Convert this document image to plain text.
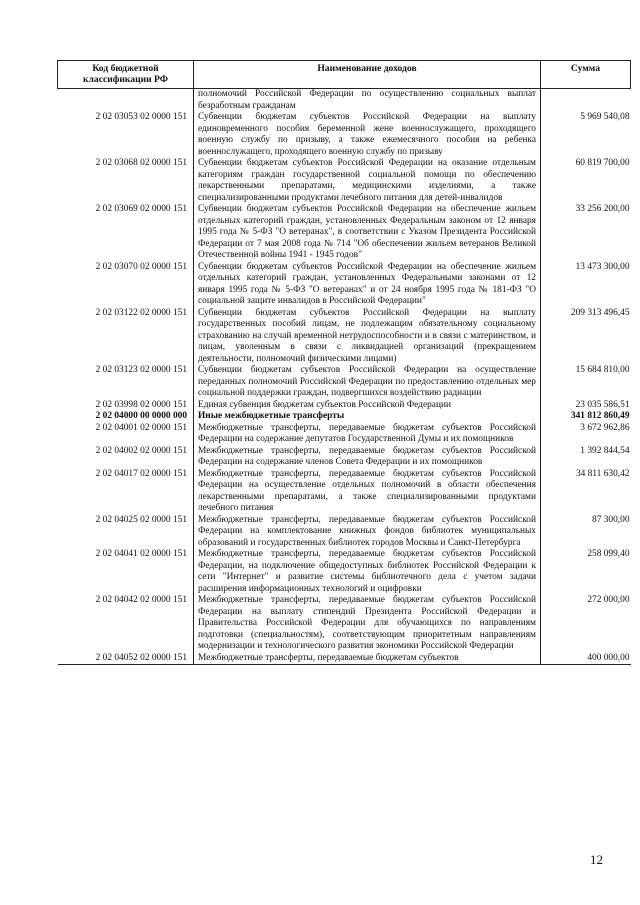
Код бюджетной классификации РФ	Наименование доходов	Сумма
	полномочий Российской Федерации по осуществлению социальных выплат безработным гражданам	
2 02 03053 02 0000 151	Субвенции бюджетам субъектов Российской Федерации на выплату единовременного пособия беременной жене военнослужащего, проходящего военную службу по призыву, а также ежемесячного пособия на ребенка военнослужащего, проходящего военную службу по призыву	5 969 540,08
2 02 03068 02 0000 151	Субвенции бюджетам субъектов Российской Федерации на оказание отдельным категориям граждан государственной социальной помощи по обеспечению лекарственными препаратами, медицинскими изделиями, а также специализированными продуктами лечебного питания для детей-инвалидов	60 819 700,00
2 02 03069 02 0000 151	Субвенции бюджетам субъектов Российской Федерации на обеспечение жильем отдельных категорий граждан, установленных Федеральным законом от 12 января 1995 года № 5-ФЗ "О ветеранах", в соответствии с Указом Президента Российской Федерации от 7 мая 2008 года № 714 "Об обеспечении жильем ветеранов Великой Отечественной войны 1941 - 1945 годов"	33 256 200,00
2 02 03070 02 0000 151	Субвенции бюджетам субъектов Российской Федерации на обеспечение жильем отдельных категорий граждан, установленных Федеральными законами от 12 января 1995 года № 5-ФЗ "О ветеранах" и от 24 ноября 1995 года № 181-ФЗ "О социальной защите инвалидов в Российской Федерации"	13 473 300,00
2 02 03122 02 0000 151	Субвенции бюджетам субъектов Российской Федерации на выплату государственных пособий лицам, не подлежащим обязательному социальному страхованию на случай временной нетрудоспособности и в связи с материнством, и лицам, уволенным в связи с ликвидацией организаций (прекращением деятельности, полномочий физическими лицами)	209 313 496,45
2 02 03123 02 0000 151	Субвенции бюджетам субъектов Российской Федерации на осуществление переданных полномочий Российской Федерации по предоставлению отдельных мер социальной поддержки граждан, подвергшихся воздействию радиации	15 684 810,00
2 02 03998 02 0000 151	Единая субвенция бюджетам субъектов Российской Федерации	23 035 586,51
2 02 04000 00 0000 000	Иные межбюджетные трансферты	341 812 860,49
2 02 04001 02 0000 151	Межбюджетные трансферты, передаваемые бюджетам субъектов Российской Федерации на содержание депутатов Государственной Думы и их помощников	3 672 962,86
2 02 04002 02 0000 151	Межбюджетные трансферты, передаваемые бюджетам субъектов Российской Федерации на содержание членов Совета Федерации и их помощников	1 392 844,54
2 02 04017 02 0000 151	Межбюджетные трансферты, передаваемые бюджетам субъектов Российской Федерации на осуществление отдельных полномочий в области обеспечения лекарственными препаратами, а также специализированными продуктами лечебного питания	34 811 630,42
2 02 04025 02 0000 151	Межбюджетные трансферты, передаваемые бюджетам субъектов Российской Федерации на комплектование книжных фондов библиотек муниципальных образований и государственных библиотек городов Москвы и Санкт-Петербурга	87 300,00
2 02 04041 02 0000 151	Межбюджетные трансферты, передаваемые бюджетам субъектов Российской Федерации, на подключение общедоступных библиотек Российской Федерации к сети "Интернет" и развитие системы библиотечного дела с учетом задачи расширения информационных технологий и оцифровки	258 099,40
2 02 04042 02 0000 151	Межбюджетные трансферты, передаваемые бюджетам субъектов Российской Федерации на выплату стипендий Президента Российской Федерации и Правительства Российской Федерации для обучающихся по направлениям подготовки (специальностям), соответствующим приоритетным направлениям модернизации и технологического развития экономики Российской Федерации	272 000,00
2 02 04052 02 0000 151	Межбюджетные трансферты, передаваемые бюджетам субъектов	400 000,00
12
